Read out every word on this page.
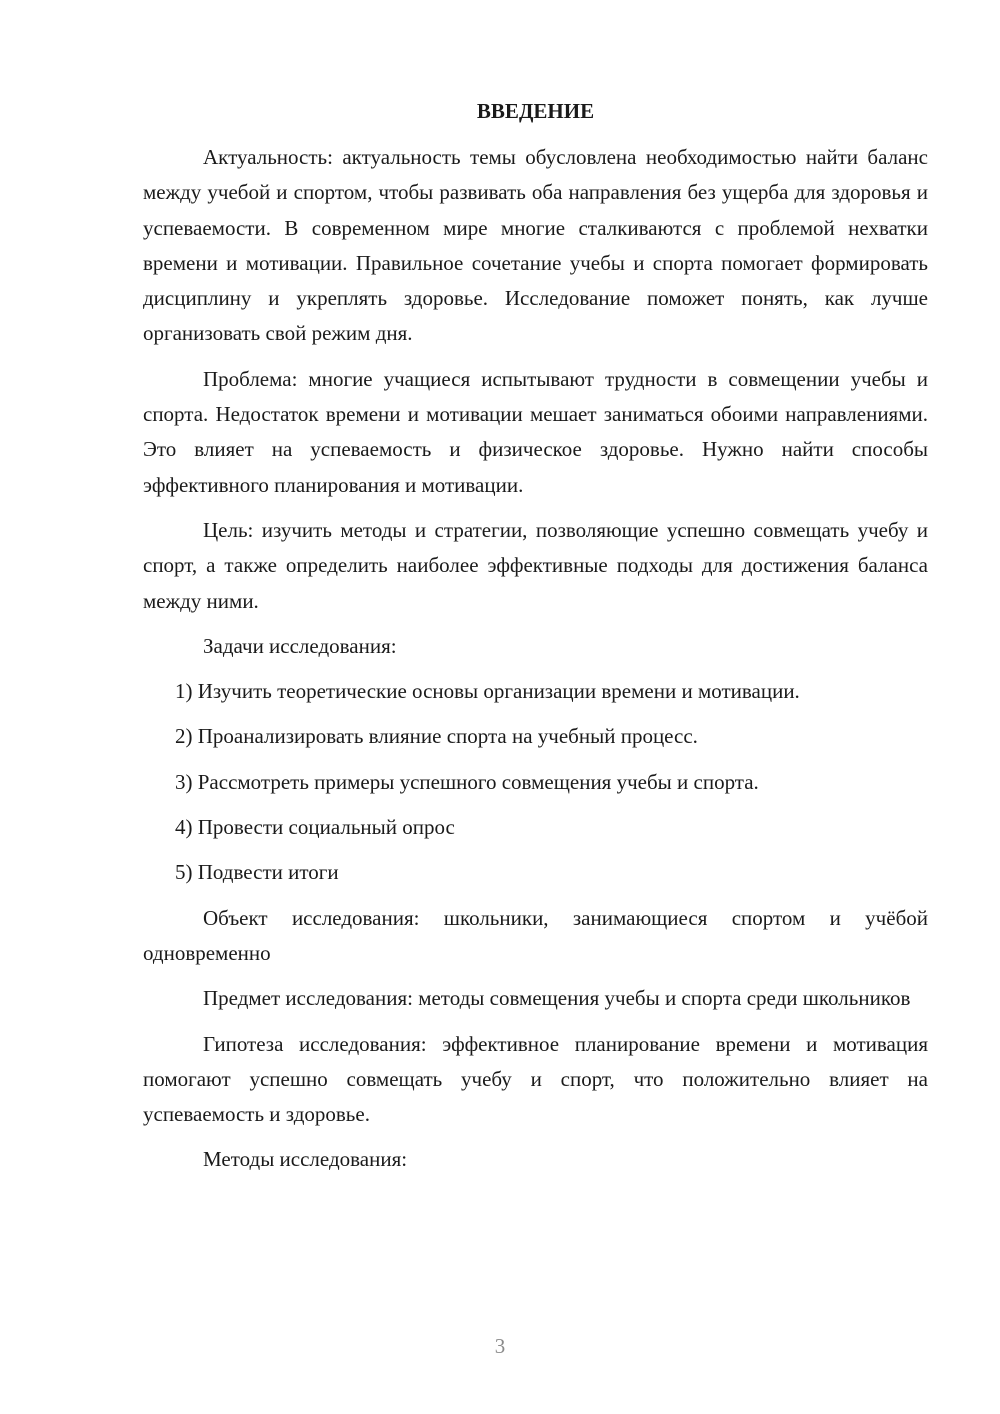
ВВЕДЕНИЕ

Актуальность: актуальность темы обусловлена необходимостью найти баланс между учебой и спортом, чтобы развивать оба направления без ущерба для здоровья и успеваемости. В современном мире многие сталкиваются с проблемой нехватки времени и мотивации. Правильное сочетание учебы и спорта помогает формировать дисциплину и укреплять здоровье. Исследование поможет понять, как лучше организовать свой режим дня.

Проблема: многие учащиеся испытывают трудности в совмещении учебы и спорта. Недостаток времени и мотивации мешает заниматься обоими направлениями. Это влияет на успеваемость и физическое здоровье. Нужно найти способы эффективного планирования и мотивации.

Цель: изучить методы и стратегии, позволяющие успешно совмещать учебу и спорт, а также определить наиболее эффективные подходы для достижения баланса между ними.

Задачи исследования:

1) Изучить теоретические основы организации времени и мотивации.
2) Проанализировать влияние спорта на учебный процесс.
3) Рассмотреть примеры успешного совмещения учебы и спорта.
4) Провести социальный опрос
5) Подвести итоги

Объект исследования: школьники, занимающиеся спортом и учёбой одновременно

Предмет исследования: методы совмещения учебы и спорта среди школьников

Гипотеза исследования: эффективное планирование времени и мотивация помогают успешно совмещать учебу и спорт, что положительно влияет на успеваемость и здоровье.

Методы исследования:

3
